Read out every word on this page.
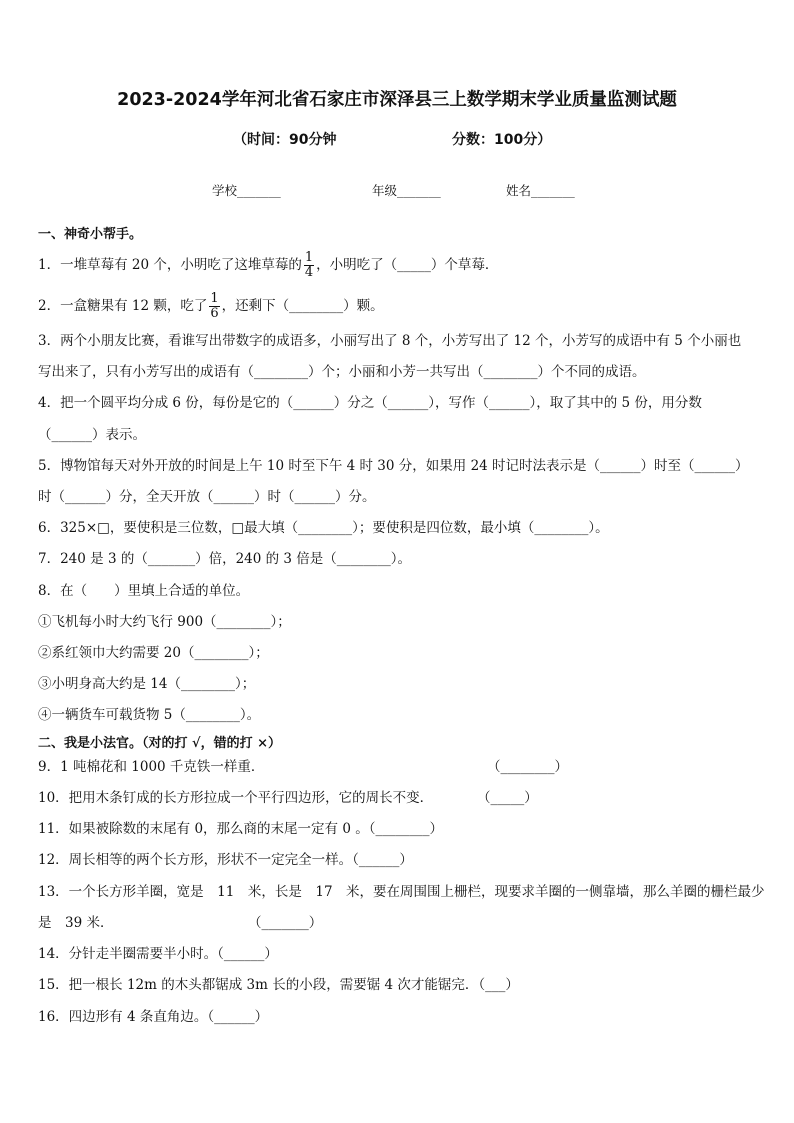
2023-2024学年河北省石家庄市深泽县三上数学期末学业质量监测试题
（时间：90分钟	分数：100分）
学校_______	年级_______	姓名_______
一、神奇小帮手。
1．一堆草莓有 20 个，小明吃了这堆草莓的 $\frac{1}{4}$ ，小明吃了（_____）个草莓．
2．一盒糖果有 12 颗，吃了 $\frac{1}{6}$ ，还剩下（________）颗。
3．两个小朋友比赛，看谁写出带数字的成语多，小丽写出了 8 个，小芳写出了 12 个，小芳写的成语中有 5 个小丽也
写出来了，只有小芳写出的成语有（________）个；小丽和小芳一共写出（________）个不同的成语。
4．把一个圆平均分成 6 份，每份是它的（______）分之（______），写作（______），取了其中的 5 份，用分数
（______）表示。
5．博物馆每天对外开放的时间是上午 10 时至下午 4 时 30 分，如果用 24 时记时法表示是（______）时至（______）
时（______）分，全天开放（______）时（______）分。
6．325×□，要使积是三位数，□最大填（________）；要使积是四位数，最小填（________）。
7．240 是 3 的（_______）倍，240 的 3 倍是（________）。
8．在（　　）里填上合适的单位。
①飞机每小时大约飞行 900（________）；
②系红领巾大约需要 20（________）；
③小明身高大约是 14（________）；
④一辆货车可载货物 5（________）。
二、我是小法官。（对的打 √，错的打 ×）
9．1 吨棉花和 1000 千克铁一样重．	（________）
10．把用木条钉成的长方形拉成一个平行四边形，它的周长不变．	（_____）
11．如果被除数的末尾有 0，那么商的末尾一定有 0 。（________）
12．周长相等的两个长方形，形状不一定完全一样。（______）
13．一个长方形羊圈，宽是　11　米，长是　17　米，要在周围围上栅栏，现要求羊圈的一侧靠墙，那么羊圈的栅栏最少
是　39 米．	（_______）
14．分针走半圈需要半小时。（______）
15．把一根长 12m 的木头都锯成 3m 长的小段，需要锯 4 次才能锯完．（___）
16．四边形有 4 条直角边。（______）
